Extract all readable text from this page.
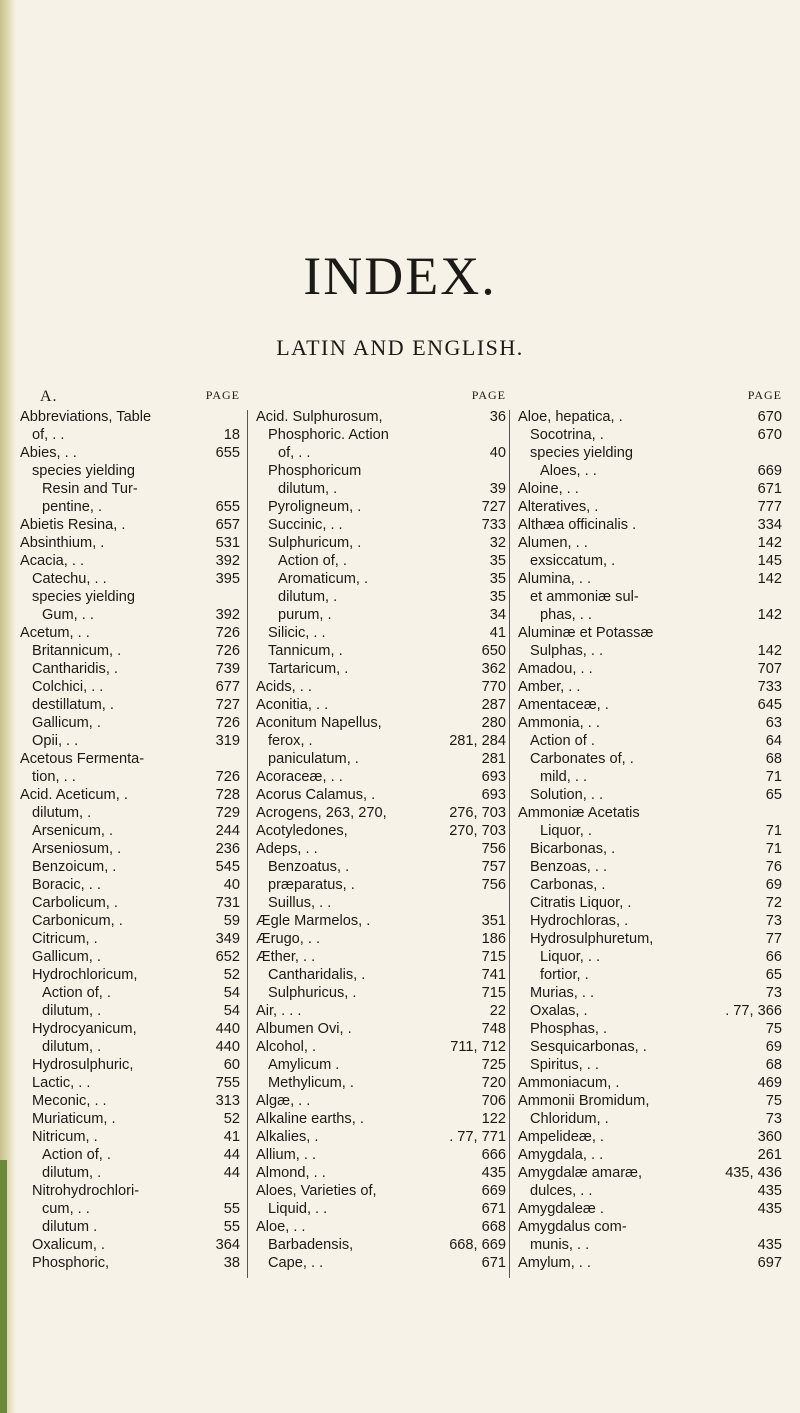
INDEX.
LATIN AND ENGLISH.
A.	PAGE
Abbreviations, Table
of, . .	18
Abies, . .	655
species yielding
Resin and Tur-
pentine, .	655
Abietis Resina, .	657
Absinthium, .	531
Acacia, . .	392
Catechu, . .	395
species yielding
Gum, . .	392
Acetum, . .	726
Britannicum, .	726
Cantharidis, .	739
Colchici, . .	677
destillatum, .	727
Gallicum, .	726
Opii, . .	319
Acetous Fermenta-
tion, . .	726
Acid. Aceticum, .	728
dilutum, .	729
Arsenicum, .	244
Arseniosum, .	236
Benzoicum, .	545
Boracic, . .	40
Carbolicum, .	731
Carbonicum, .	59
Citricum, .	349
Gallicum, .	652
Hydrochloricum,	52
Action of, .	54
dilutum, .	54
Hydrocyanicum,	440
dilutum, .	440
Hydrosulphuric,	60
Lactic, . .	755
Meconic, . .	313
Muriaticum, .	52
Nitricum, .	41
Action of, .	44
dilutum, .	44
Nitrohydrochlori-
cum, . .	55
dilutum .	55
Oxalicum, .	364
Phosphoric,	38
PAGE
Acid. Sulphurosum,	36
Phosphoric. Action
of, . .	40
Phosphoricum
dilutum, .	39
Pyroligneum, .	727
Succinic, . .	733
Sulphuricum, .	32
Action of, .	35
Aromaticum, .	35
dilutum, .	35
purum, .	34
Silicic, . .	41
Tannicum, .	650
Tartaricum, .	362
Acids, . .	770
Aconitia, . .	287
Aconitum Napellus,	280
ferox, .	281, 284
paniculatum, .	281
Acoraceæ, . .	693
Acorus Calamus, .	693
Acrogens, 263, 270,	276, 703
Acotyledones,	270, 703
Adeps, . .	756
Benzoatus, .	757
præparatus, .	756
Suillus, . .
Ægle Marmelos, .	351
Ærugo, . .	186
Æther, . .	715
Cantharidalis, .	741
Sulphuricus, .	715
Air, . . .	22
Albumen Ovi, .	748
Alcohol, .	711, 712
Amylicum .	725
Methylicum, .	720
Algæ, . .	706
Alkaline earths, .	122
Alkalies, .	. 77, 771
Allium, . .	666
Almond, . .	435
Aloes, Varieties of,	669
Liquid, . .	671
Aloe, . .	668
Barbadensis,	668, 669
Cape, . .	671
PAGE
Aloe, hepatica, .	670
Socotrina, .	670
species yielding
Aloes, . .	669
Aloine, . .	671
Alteratives, .	777
Althæa officinalis .	334
Alumen, . .	142
exsiccatum, .	145
Alumina, . .	142
et ammoniæ sul-
phas, . .	142
Aluminæ et Potassæ
Sulphas, . .	142
Amadou, . .	707
Amber, . .	733
Amentaceæ, .	645
Ammonia, . .	63
Action of .	64
Carbonates of, .	68
mild, . .	71
Solution, . .	65
Ammoniæ Acetatis
Liquor, .	71
Bicarbonas, .	71
Benzoas, . .	76
Carbonas, .	69
Citratis Liquor, .	72
Hydrochloras, .	73
Hydrosulphuretum,	77
Liquor, . .	66
fortior, .	65
Murias, . .	73
Oxalas, .	. 77, 366
Phosphas, .	75
Sesquicarbonas, .	69
Spiritus, . .	68
Ammoniacum, .	469
Ammonii Bromidum,	75
Chloridum, .	73
Ampelideæ, .	360
Amygdala, . .	261
Amygdalæ amaræ,	435, 436
dulces, . .	435
Amygdaleæ .	435
Amygdalus com-
munis, . .	435
Amylum, . .	697
